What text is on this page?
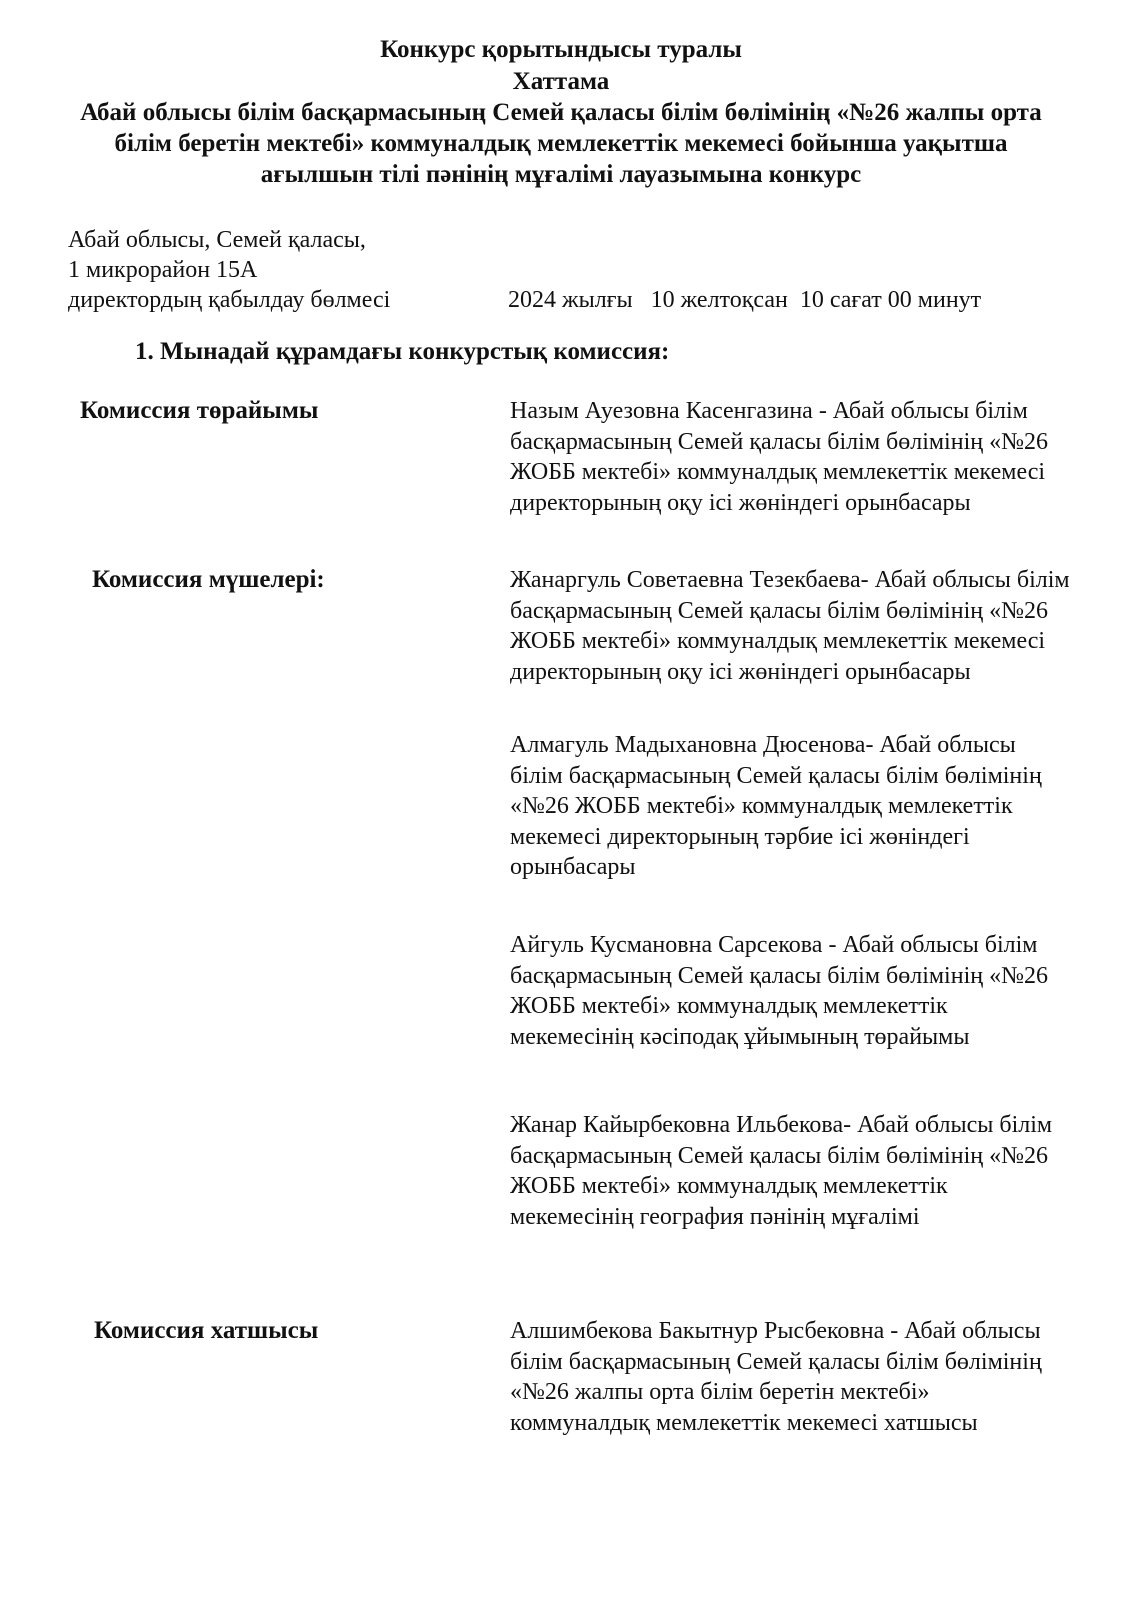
Конкурс қорытындысы туралы
Хаттама
Абай облысы білім басқармасының Семей қаласы білім бөлімінің «№26 жалпы орта білім беретін мектебі» коммуналдық мемлекеттік мекемесі бойынша уақытша ағылшын тілі пәнінің мұғалімі лауазымына конкурс
Абай облысы, Семей қаласы,
1 микрорайон 15А
директордың қабылдау бөлмесі	2024 жылғы   10 желтоқсан  10 сағат 00 минут
1. Мынадай құрамдағы конкурстық комиссия:
Комиссия төрайымы	Назым Ауезовна Касенгазина - Абай облысы білім басқармасының Семей қаласы білім бөлімінің «№26 ЖОББ мектебі» коммуналдық мемлекеттік мекемесі директорының оқу ісі жөніндегі орынбасары
Комиссия мүшелері:	Жанаргуль Советаевна Тезекбаева- Абай облысы білім басқармасының Семей қаласы білім бөлімінің «№26 ЖОББ мектебі» коммуналдық мемлекеттік мекемесі директорының оқу ісі жөніндегі орынбасары
Алмагуль Мадыхановна Дюсенова- Абай облысы білім басқармасының Семей қаласы білім бөлімінің «№26 ЖОББ мектебі» коммуналдық мемлекеттік мекемесі директорының тәрбие ісі жөніндегі орынбасары
Айгуль Кусмановна Сарсекова - Абай облысы білім басқармасының Семей қаласы білім бөлімінің «№26 ЖОББ мектебі» коммуналдық мемлекеттік мекемесінің кәсіподақ ұйымының төрайымы
Жанар Кайырбековна Ильбекова- Абай облысы білім басқармасының Семей қаласы білім бөлімінің «№26 ЖОББ мектебі» коммуналдық мемлекеттік мекемесінің география пәнінің мұғалімі
Комиссия хатшысы	Алшимбекова Бакытнур Рысбековна - Абай облысы білім басқармасының Семей қаласы білім бөлімінің «№26 жалпы орта білім беретін мектебі» коммуналдық мемлекеттік мекемесі хатшысы
